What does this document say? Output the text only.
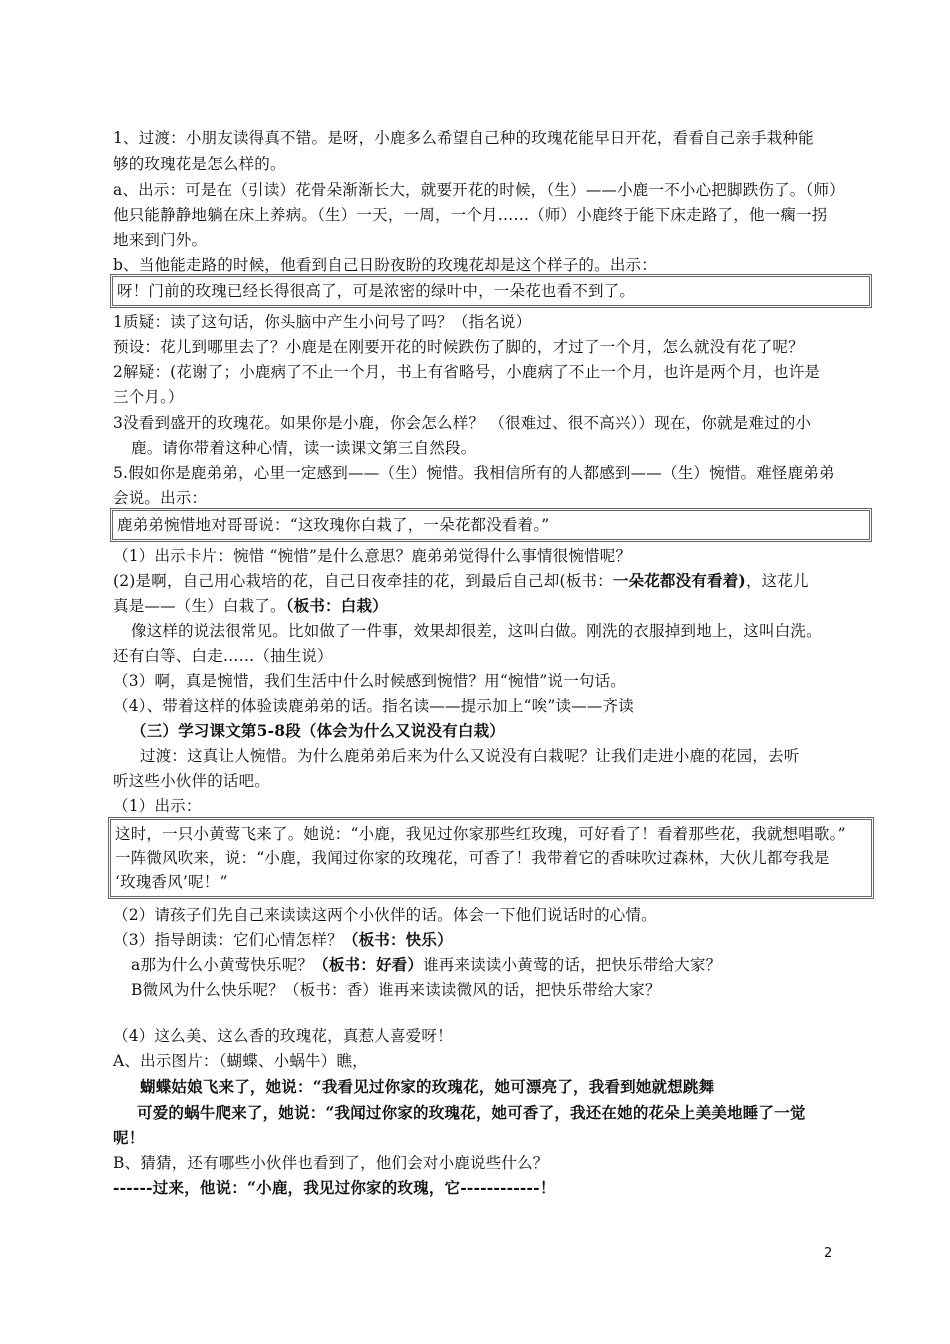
1、过渡：小朋友读得真不错。是呀，小鹿多么希望自己种的玫瑰花能早日开花，看看自己亲手栽种能
够的玫瑰花是怎么样的。
a、出示：可是在（引读）花骨朵渐渐长大，就要开花的时候，（生）——小鹿一不小心把脚跌伤了。（师）
他只能静静地躺在床上养病。（生）一天，一周，一个月……（师）小鹿终于能下床走路了，他一瘸一拐
地来到门外。
b、当他能走路的时候，他看到自己日盼夜盼的玫瑰花却是这个样子的。出示：
呀！门前的玫瑰已经长得很高了，可是浓密的绿叶中，一朵花也看不到了。
1质疑：读了这句话，你头脑中产生小问号了吗？（指名说）
预设：花儿到哪里去了？小鹿是在刚要开花的时候跌伤了脚的，才过了一个月，怎么就没有花了呢？
2解疑：(花谢了；小鹿病了不止一个月，书上有省略号，小鹿病了不止一个月，也许是两个月，也许是
三个月。）
3没看到盛开的玫瑰花。如果你是小鹿，你会怎么样？ （很难过、很不高兴））现在，你就是难过的小
鹿。请你带着这种心情，读一读课文第三自然段。
5.假如你是鹿弟弟，心里一定感到——（生）惋惜。我相信所有的人都感到——（生）惋惜。难怪鹿弟弟
会说。出示：
鹿弟弟惋惜地对哥哥说：“这玫瑰你白栽了，一朵花都没看着。”
（1）出示卡片：惋惜 “惋惜”是什么意思？鹿弟弟觉得什么事情很惋惜呢？
(2)是啊，自己用心栽培的花，自己日夜牵挂的花，到最后自己却(板书：一朵花都没有看着)，这花儿
真是——（生）白栽了。（板书：白栽）
像这样的说法很常见。比如做了一件事，效果却很差，这叫白做。刚洗的衣服掉到地上，这叫白洗。
还有白等、白走……（抽生说）
（3）啊，真是惋惜，我们生活中什么时候感到惋惜？用“惋惜”说一句话。
（4）、带着这样的体验读鹿弟弟的话。指名读——提示加上“唉”读——齐读
（三）学习课文第5-8段（体会为什么又说没有白栽）
过渡：这真让人惋惜。为什么鹿弟弟后来为什么又说没有白栽呢？让我们走进小鹿的花园，去听
听这些小伙伴的话吧。
（1）出示：
这时，一只小黄莺飞来了。她说：“小鹿，我见过你家那些红玫瑰，可好看了！看着那些花，我就想唱歌。”
一阵微风吹来，说：“小鹿，我闻过你家的玫瑰花，可香了！我带着它的香味吹过森林，大伙儿都夸我是
‘玫瑰香风’呢！”
（2）请孩子们先自己来读读这两个小伙伴的话。体会一下他们说话时的心情。
（3）指导朗读：它们心情怎样？（板书：快乐）
a那为什么小黄莺快乐呢？（板书：好看）谁再来读读小黄莺的话，把快乐带给大家？
B微风为什么快乐呢？（板书：香）谁再来读读微风的话，把快乐带给大家？
（4）这么美、这么香的玫瑰花，真惹人喜爱呀！
A、出示图片：（蝴蝶、小蜗牛）瞧，
蝴蝶姑娘飞来了，她说：“我看见过你家的玫瑰花，她可漂亮了，我看到她就想跳舞
可爱的蜗牛爬来了，她说：“我闻过你家的玫瑰花，她可香了，我还在她的花朵上美美地睡了一觉
呢！
B、猜猜，还有哪些小伙伴也看到了，他们会对小鹿说些什么？
------过来，他说：“小鹿，我见过你家的玫瑰，它------------！
2
